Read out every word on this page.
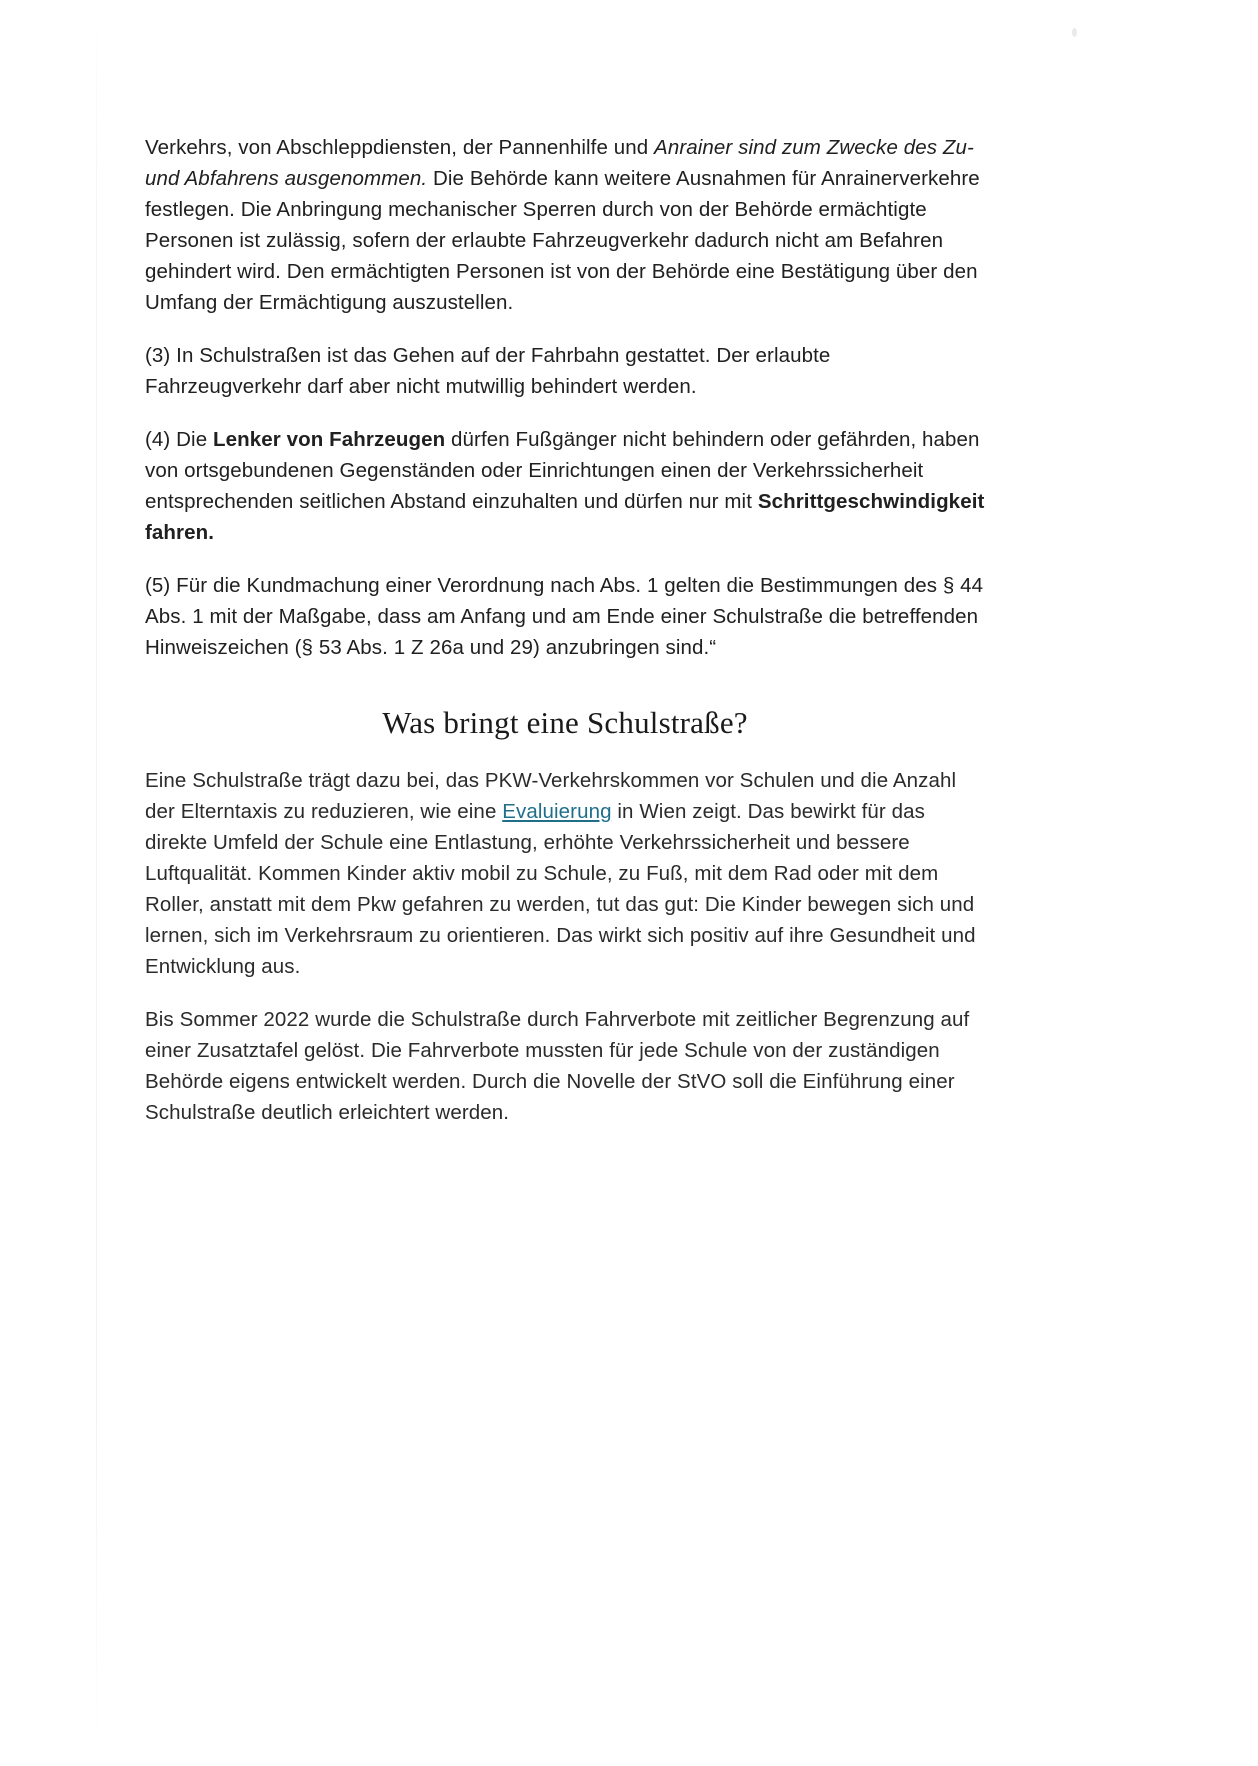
Verkehrs, von Abschleppdiensten, der Pannenhilfe und Anrainer sind zum Zwecke des Zu- und Abfahrens ausgenommen. Die Behörde kann weitere Ausnahmen für Anrainerverkehre festlegen. Die Anbringung mechanischer Sperren durch von der Behörde ermächtigte Personen ist zulässig, sofern der erlaubte Fahrzeugverkehr dadurch nicht am Befahren gehindert wird. Den ermächtigten Personen ist von der Behörde eine Bestätigung über den Umfang der Ermächtigung auszustellen.

(3) In Schulstraßen ist das Gehen auf der Fahrbahn gestattet. Der erlaubte Fahrzeugverkehr darf aber nicht mutwillig behindert werden.

(4) Die Lenker von Fahrzeugen dürfen Fußgänger nicht behindern oder gefährden, haben von ortsgebundenen Gegenständen oder Einrichtungen einen der Verkehrssicherheit entsprechenden seitlichen Abstand einzuhalten und dürfen nur mit Schrittgeschwindigkeit fahren.

(5) Für die Kundmachung einer Verordnung nach Abs. 1 gelten die Bestimmungen des § 44 Abs. 1 mit der Maßgabe, dass am Anfang und am Ende einer Schulstraße die betreffenden Hinweiszeichen (§ 53 Abs. 1 Z 26a und 29) anzubringen sind.“

Was bringt eine Schulstraße?

Eine Schulstraße trägt dazu bei, das PKW-Verkehrskommen vor Schulen und die Anzahl der Elterntaxis zu reduzieren, wie eine Evaluierung in Wien zeigt. Das bewirkt für das direkte Umfeld der Schule eine Entlastung, erhöhte Verkehrssicherheit und bessere Luftqualität. Kommen Kinder aktiv mobil zu Schule, zu Fuß, mit dem Rad oder mit dem Roller, anstatt mit dem Pkw gefahren zu werden, tut das gut: Die Kinder bewegen sich und lernen, sich im Verkehrsraum zu orientieren. Das wirkt sich positiv auf ihre Gesundheit und Entwicklung aus.

Bis Sommer 2022 wurde die Schulstraße durch Fahrverbote mit zeitlicher Begrenzung auf einer Zusatztafel gelöst. Die Fahrverbote mussten für jede Schule von der zuständigen Behörde eigens entwickelt werden. Durch die Novelle der StVO soll die Einführung einer Schulstraße deutlich erleichtert werden.
